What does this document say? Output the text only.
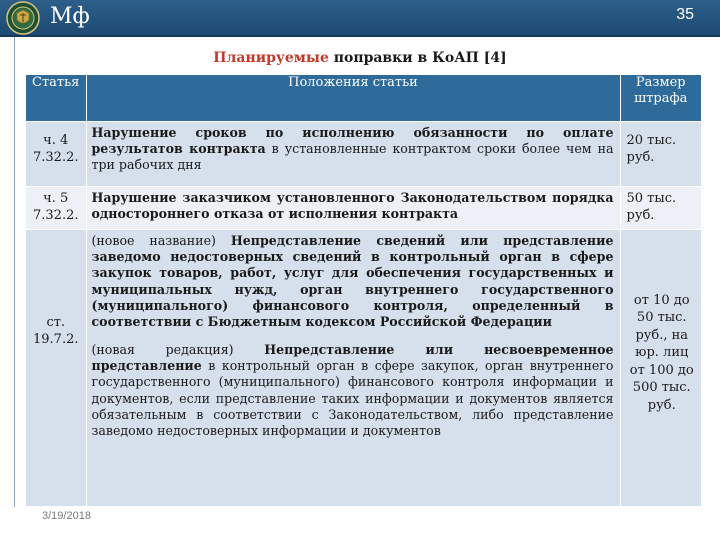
Мф	35
Планируемые поправки в КоАП [4]
Статья	Положения статьи	Размер штрафа
ч. 4 7.32.2.	Нарушение сроков по исполнению обязанности по оплате результатов контракта в установленные контрактом сроки более чем на три рабочих дня	20 тыс. руб.
ч. 5 7.32.2.	Нарушение заказчиком установленного Законодательством порядка одностороннего отказа от исполнения контракта	50 тыс. руб.
ст. 19.7.2.	(новое название) Непредставление сведений или представление заведомо недостоверных сведений в контрольный орган в сфере закупок товаров, работ, услуг для обеспечения государственных и муниципальных нужд, орган внутреннего государственного (муниципального) финансового контроля, определенный в соответствии с Бюджетным кодексом Российской Федерации

(новая редакция) Непредставление или несвоевременное представление в контрольный орган в сфере закупок, орган внутреннего государственного (муниципального) финансового контроля информации и документов, если представление таких информации и документов является обязательным в соответствии с Законодательством, либо представление заведомо недостоверных информации и документов	от 10 до 50 тыс. руб., на юр. лиц от 100 до 500 тыс. руб.
3/19/2018
